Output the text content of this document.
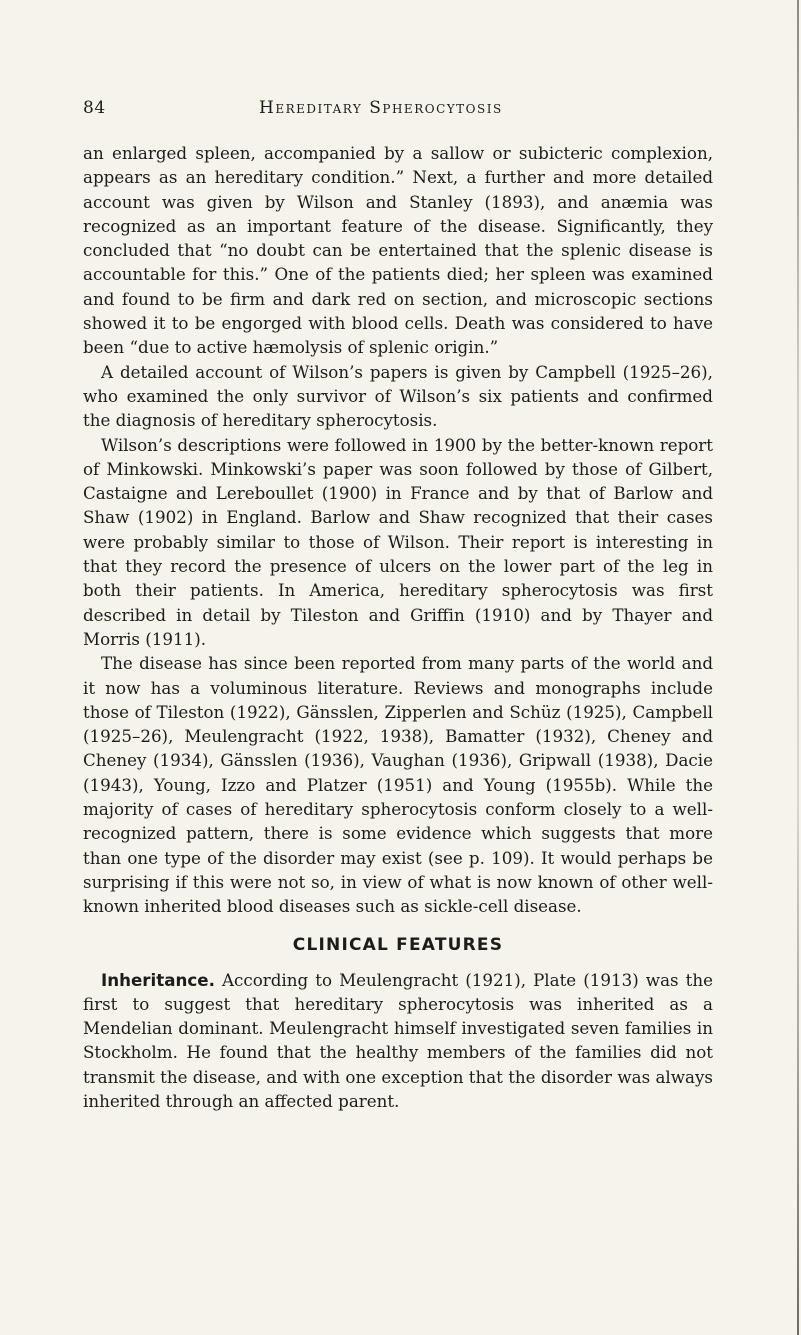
84	Hereditary Spherocytosis

an enlarged spleen, accompanied by a sallow or subicteric complexion, appears as an hereditary condition.” Next, a further and more detailed account was given by Wilson and Stanley (1893), and anæmia was recognized as an important feature of the disease. Significantly, they concluded that “no doubt can be entertained that the splenic disease is accountable for this.” One of the patients died; her spleen was examined and found to be firm and dark red on section, and microscopic sections showed it to be engorged with blood cells. Death was considered to have been “due to active hæmolysis of splenic origin.”

A detailed account of Wilson’s papers is given by Campbell (1925–26), who examined the only survivor of Wilson’s six patients and confirmed the diagnosis of hereditary spherocytosis.

Wilson’s descriptions were followed in 1900 by the better-known report of Minkowski. Minkowski’s paper was soon followed by those of Gilbert, Castaigne and Lereboullet (1900) in France and by that of Barlow and Shaw (1902) in England. Barlow and Shaw recognized that their cases were probably similar to those of Wilson. Their report is interesting in that they record the presence of ulcers on the lower part of the leg in both their patients. In America, hereditary spherocytosis was first described in detail by Tileston and Griffin (1910) and by Thayer and Morris (1911).

The disease has since been reported from many parts of the world and it now has a voluminous literature. Reviews and monographs include those of Tileston (1922), Gänsslen, Zipperlen and Schüz (1925), Campbell (1925–26), Meulengracht (1922, 1938), Bamatter (1932), Cheney and Cheney (1934), Gänsslen (1936), Vaughan (1936), Gripwall (1938), Dacie (1943), Young, Izzo and Platzer (1951) and Young (1955b). While the majority of cases of hereditary spherocytosis conform closely to a well-recognized pattern, there is some evidence which suggests that more than one type of the disorder may exist (see p. 109). It would perhaps be surprising if this were not so, in view of what is now known of other well-known inherited blood diseases such as sickle-cell disease.

CLINICAL FEATURES

Inheritance. According to Meulengracht (1921), Plate (1913) was the first to suggest that hereditary spherocytosis was inherited as a Mendelian dominant. Meulengracht himself investigated seven families in Stockholm. He found that the healthy members of the families did not transmit the disease, and with one exception that the disorder was always inherited through an affected parent.
